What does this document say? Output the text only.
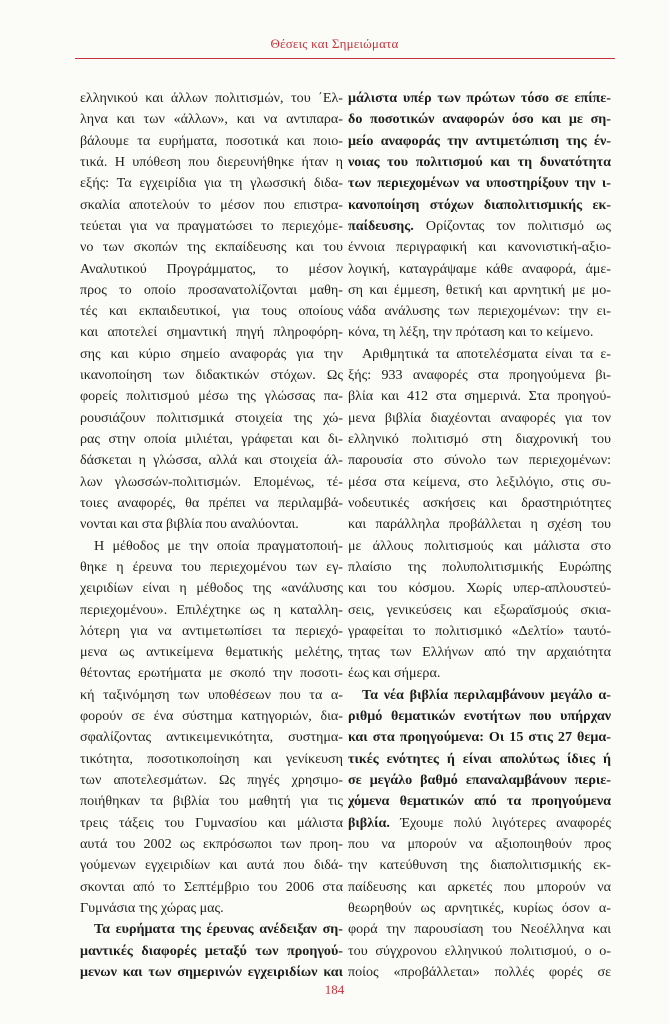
Θέσεις και Σημειώματα
ελληνικού και άλλων πολιτισμών, του ΄Ελ-
ληνα και των «άλλων», και να αντιπαρα-
βάλουμε τα ευρήματα, ποσοτικά και ποιο-
τικά. Η υπόθεση που διερευνήθηκε ήταν η
εξής: Τα εγχειρίδια για τη γλωσσική διδα-
σκαλία αποτελούν το μέσον που επιστρα-
τεύεται για να πραγματώσει το περιεχόμε-
νο των σκοπών της εκπαίδευσης και του
Αναλυτικού Προγράμματος, το μέσον
προς το οποίο προσανατολίζονται μαθη-
τές και εκπαιδευτικοί, για τους οποίους
και αποτελεί σημαντική πηγή πληροφόρη-
σης και κύριο σημείο αναφοράς για την
ικανοποίηση των διδακτικών στόχων. Ως
φορείς πολιτισμού μέσω της γλώσσας πα-
ρουσιάζουν πολιτισμικά στοιχεία της χώ-
ρας στην οποία μιλιέται, γράφεται και δι-
δάσκεται η γλώσσα, αλλά και στοιχεία άλ-
λων γλωσσών-πολιτισμών. Επομένως, τέ-
τοιες αναφορές, θα πρέπει να περιλαμβά-
νονται και στα βιβλία που αναλύονται.
Η μέθοδος με την οποία πραγματοποιή-
θηκε η έρευνα του περιεχομένου των εγ-
χειριδίων είναι η μέθοδος της «ανάλυσης
περιεχομένου». Επιλέχτηκε ως η καταλλη-
λότερη για να αντιμετωπίσει τα περιεχό-
μενα ως αντικείμενα θεματικής μελέτης,
θέτοντας ερωτήματα με σκοπό την ποσοτι-
κή ταξινόμηση των υποθέσεων που τα α-
φορούν σε ένα σύστημα κατηγοριών, δια-
σφαλίζοντας αντικειμενικότητα, συστημα-
τικότητα, ποσοτικοποίηση και γενίκευση
των αποτελεσμάτων. Ως πηγές χρησιμο-
ποιήθηκαν τα βιβλία του μαθητή για τις
τρεις τάξεις του Γυμνασίου και μάλιστα
αυτά του 2002 ως εκπρόσωποι των προη-
γούμενων εγχειριδίων και αυτά που διδά-
σκονται από το Σεπτέμβριο του 2006 στα
Γυμνάσια της χώρας μας.
Τα ευρήματα της έρευνας ανέδειξαν ση-
μαντικές διαφορές μεταξύ των προηγού-
μενων και των σημερινών εγχειριδίων και
μάλιστα υπέρ των πρώτων τόσο σε επίπε-
δο ποσοτικών αναφορών όσο και με ση-
μείο αναφοράς την αντιμετώπιση της έν-
νοιας του πολιτισμού και τη δυνατότητα
των περιεχομένων να υποστηρίξουν την ι-
κανοποίηση στόχων διαπολιτισμικής εκ-
παίδευσης. Ορίζοντας τον πολιτισμό ως
έννοια περιγραφική και κανονιστική-αξιο-
λογική, καταγράψαμε κάθε αναφορά, άμε-
ση και έμμεση, θετική και αρνητική με μο-
νάδα ανάλυσης των περιεχομένων: την ει-
κόνα, τη λέξη, την πρόταση και το κείμενο.
Αριθμητικά τα αποτελέσματα είναι τα ε-
ξής: 933 αναφορές στα προηγούμενα βι-
βλία και 412 στα σημερινά. Στα προηγού-
μενα βιβλία διαχέονται αναφορές για τον
ελληνικό πολιτισμό στη διαχρονική του
παρουσία στο σύνολο των περιεχομένων:
μέσα στα κείμενα, στο λεξιλόγιο, στις συ-
νοδευτικές ασκήσεις και δραστηριότητες
και παράλληλα προβάλλεται η σχέση του
με άλλους πολιτισμούς και μάλιστα στο
πλαίσιο της πολυπολιτισμικής Ευρώπης
και του κόσμου. Χωρίς υπερ-απλουστεύ-
σεις, γενικεύσεις και εξωραϊσμούς σκια-
γραφείται το πολιτισμικό «Δελτίο» ταυτό-
τητας των Ελλήνων από την αρχαιότητα
έως και σήμερα.
Τα νέα βιβλία περιλαμβάνουν μεγάλο α-
ριθμό θεματικών ενοτήτων που υπήρχαν
και στα προηγούμενα: Οι 15 στις 27 θεμα-
τικές ενότητες ή είναι απολύτως ίδιες ή
σε μεγάλο βαθμό επαναλαμβάνουν περιε-
χόμενα θεματικών από τα προηγούμενα
βιβλία. Έχουμε πολύ λιγότερες αναφορές
που να μπορούν να αξιοποιηθούν προς
την κατεύθυνση της διαπολιτισμικής εκ-
παίδευσης και αρκετές που μπορούν να
θεωρηθούν ως αρνητικές, κυρίως όσον α-
φορά την παρουσίαση του Νεοέλληνα και
του σύγχρονου ελληνικού πολιτισμού, ο ο-
ποίος «προβάλλεται» πολλές φορές σε
184
